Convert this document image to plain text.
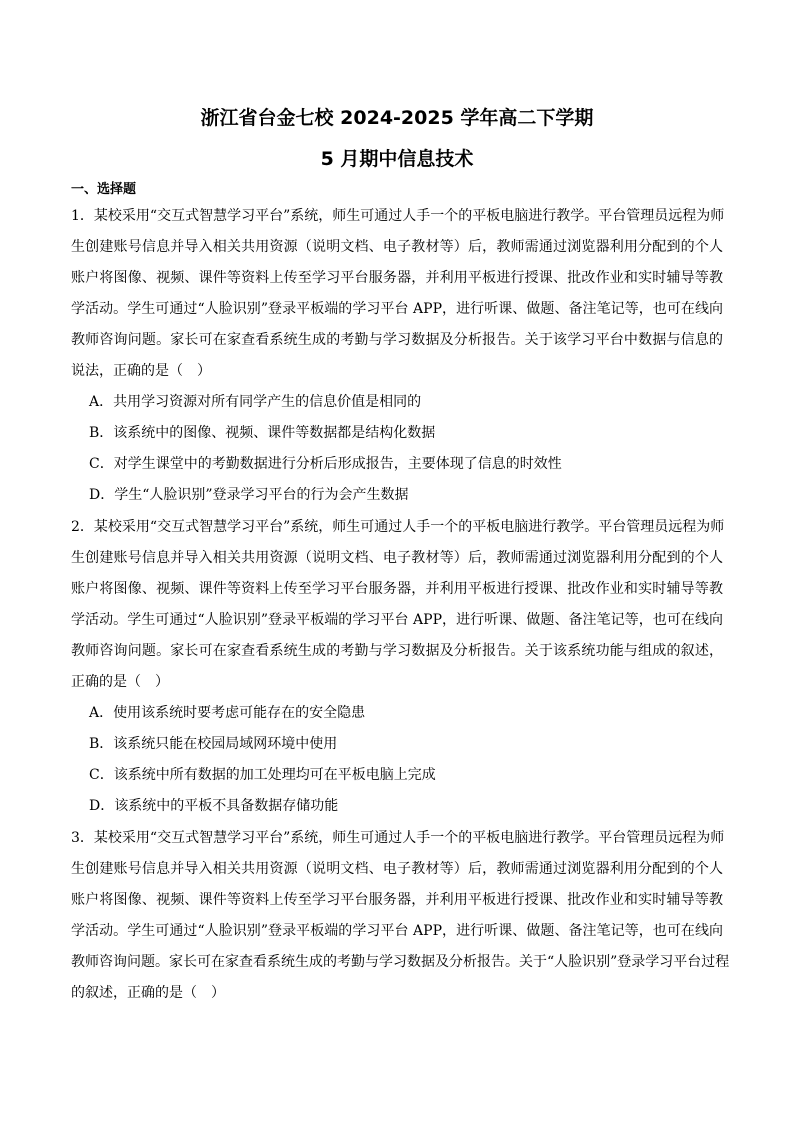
浙江省台金七校 2024-2025 学年高二下学期
5 月期中信息技术
一、选择题
1．某校采用“交互式智慧学习平台”系统，师生可通过人手一个的平板电脑进行教学。平台管理员远程为师
生创建账号信息并导入相关共用资源（说明文档、电子教材等）后，教师需通过浏览器利用分配到的个人
账户将图像、视频、课件等资料上传至学习平台服务器，并利用平板进行授课、批改作业和实时辅导等教
学活动。学生可通过“人脸识别”登录平板端的学习平台 APP，进行听课、做题、备注笔记等，也可在线向
教师咨询问题。家长可在家查看系统生成的考勤与学习数据及分析报告。关于该学习平台中数据与信息的
说法，正确的是（　）
A．共用学习资源对所有同学产生的信息价值是相同的
B．该系统中的图像、视频、课件等数据都是结构化数据
C．对学生课堂中的考勤数据进行分析后形成报告，主要体现了信息的时效性
D．学生“人脸识别”登录学习平台的行为会产生数据
2．某校采用“交互式智慧学习平台”系统，师生可通过人手一个的平板电脑进行教学。平台管理员远程为师
生创建账号信息并导入相关共用资源（说明文档、电子教材等）后，教师需通过浏览器利用分配到的个人
账户将图像、视频、课件等资料上传至学习平台服务器，并利用平板进行授课、批改作业和实时辅导等教
学活动。学生可通过“人脸识别”登录平板端的学习平台 APP，进行听课、做题、备注笔记等，也可在线向
教师咨询问题。家长可在家查看系统生成的考勤与学习数据及分析报告。关于该系统功能与组成的叙述，
正确的是（　）
A．使用该系统时要考虑可能存在的安全隐患
B．该系统只能在校园局域网环境中使用
C．该系统中所有数据的加工处理均可在平板电脑上完成
D．该系统中的平板不具备数据存储功能
3．某校采用“交互式智慧学习平台”系统，师生可通过人手一个的平板电脑进行教学。平台管理员远程为师
生创建账号信息并导入相关共用资源（说明文档、电子教材等）后，教师需通过浏览器利用分配到的个人
账户将图像、视频、课件等资料上传至学习平台服务器，并利用平板进行授课、批改作业和实时辅导等教
学活动。学生可通过“人脸识别”登录平板端的学习平台 APP，进行听课、做题、备注笔记等，也可在线向
教师咨询问题。家长可在家查看系统生成的考勤与学习数据及分析报告。关于“人脸识别”登录学习平台过程
的叙述，正确的是（　）
